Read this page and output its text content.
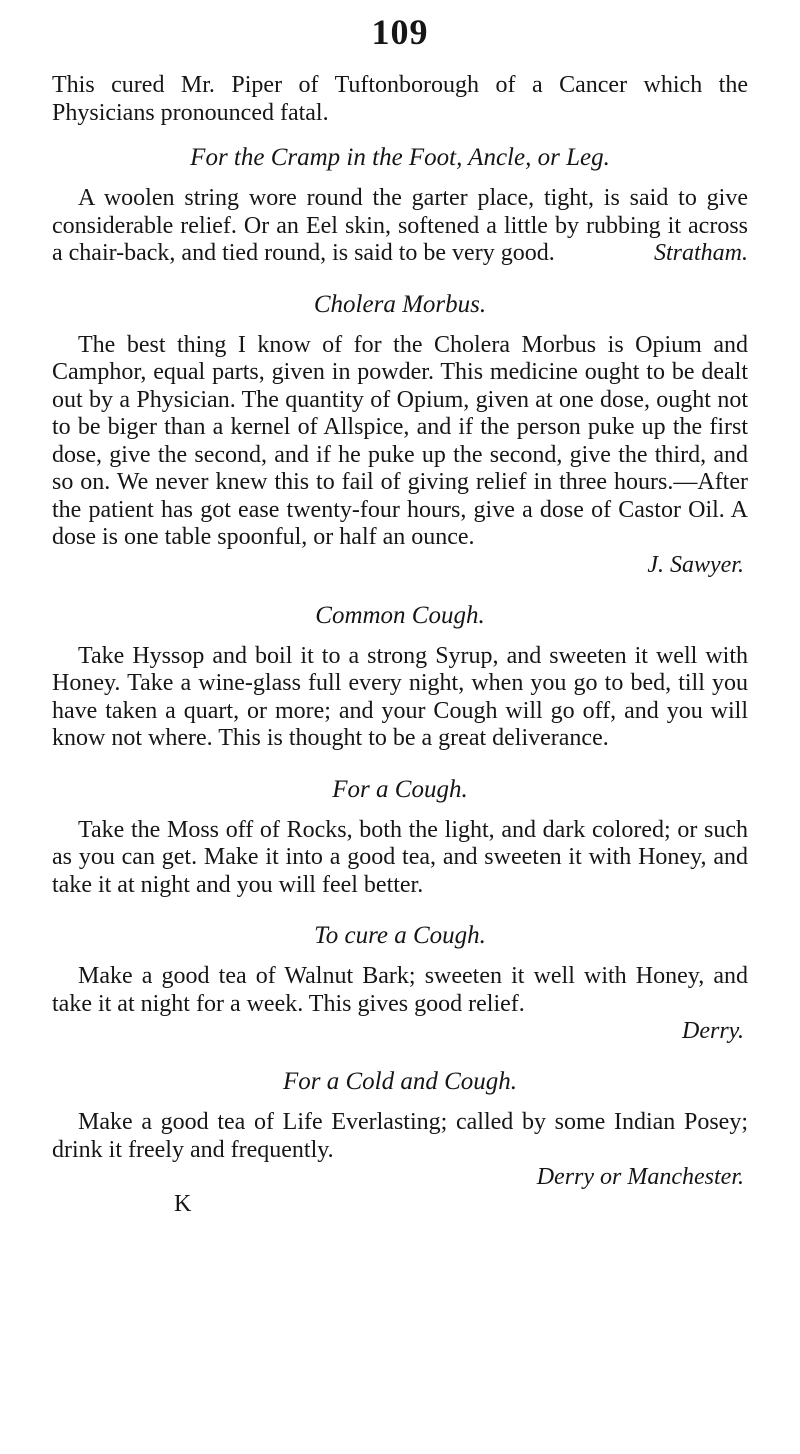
109

This cured Mr. Piper of Tuftonborough of a Cancer which the Physicians pronounced fatal.

For the Cramp in the Foot, Ancle, or Leg.

A woolen string wore round the garter place, tight, is said to give considerable relief. Or an Eel skin, softened a little by rubbing it across a chair-back, and tied round, is said to be very good.	Stratham.

Cholera Morbus.

The best thing I know of for the Cholera Morbus is Opium and Camphor, equal parts, given in powder. This medicine ought to be dealt out by a Physician. The quantity of Opium, given at one dose, ought not to be biger than a kernel of Allspice, and if the person puke up the first dose, give the second, and if he puke up the second, give the third, and so on. We never knew this to fail of giving relief in three hours.—After the patient has got ease twenty-four hours, give a dose of Castor Oil. A dose is one table spoonful, or half an ounce.

J. Sawyer.
Common Cough.

Take Hyssop and boil it to a strong Syrup, and sweeten it well with Honey. Take a wine-glass full every night, when you go to bed, till you have taken a quart, or more; and your Cough will go off, and you will know not where. This is thought to be a great deliverance.

For a Cough.

Take the Moss off of Rocks, both the light, and dark colored; or such as you can get. Make it into a good tea, and sweeten it with Honey, and take it at night and you will feel better.

To cure a Cough.

Make a good tea of Walnut Bark; sweeten it well with Honey, and take it at night for a week. This gives good relief.

Derry.
For a Cold and Cough.

Make a good tea of Life Everlasting; called by some Indian Posey; drink it freely and frequently.

Derry or Manchester.
K
